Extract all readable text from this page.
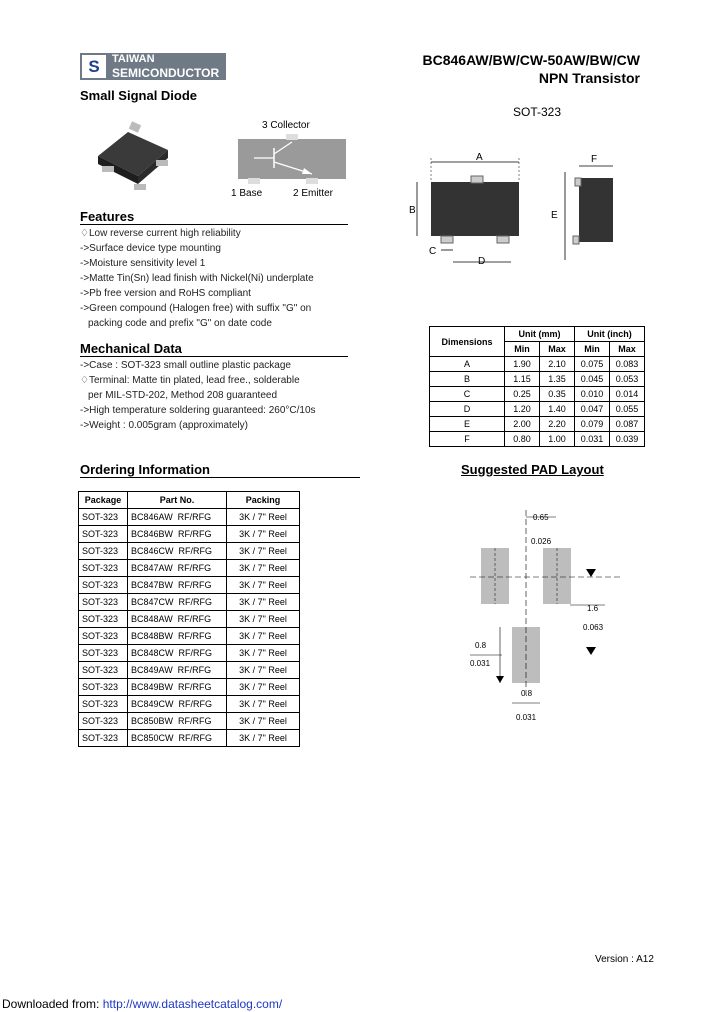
S	TAIWAN
SEMICONDUCTOR
BC846AW/BW/CW-50AW/BW/CW
NPN Transistor
Small Signal Diode
SOT-323
3 Collector
1 Base	2 Emitter
A
B
C
D
E
F
Features
♢Low reverse current high reliability
->Surface device type mounting
->Moisture sensitivity level 1
->Matte Tin(Sn) lead finish with Nickel(Ni) underplate
->Pb free version and RoHS compliant
->Green compound (Halogen free) with suffix "G" on
packing code and prefix "G" on date code
Mechanical Data
->Case : SOT-323 small outline plastic package
♢Terminal: Matte tin plated, lead free., solderable
per MIL-STD-202, Method 208 guaranteed
->High temperature soldering guaranteed: 260°C/10s
->Weight : 0.005gram (approximately)
Dimensions	Unit (mm)		Unit (inch)	
	Min	Max	Min	Max
A	1.90	2.10	0.075	0.083
B	1.15	1.35	0.045	0.053
C	0.25	0.35	0.010	0.014
D	1.20	1.40	0.047	0.055
E	2.00	2.20	0.079	0.087
F	0.80	1.00	0.031	0.039
Ordering Information
Package	Part No.	Packing
SOT-323	BC846AW  RF/RFG	3K / 7" Reel
SOT-323	BC846BW  RF/RFG	3K / 7" Reel
SOT-323	BC846CW  RF/RFG	3K / 7" Reel
SOT-323	BC847AW  RF/RFG	3K / 7" Reel
SOT-323	BC847BW  RF/RFG	3K / 7" Reel
SOT-323	BC847CW  RF/RFG	3K / 7" Reel
SOT-323	BC848AW  RF/RFG	3K / 7" Reel
SOT-323	BC848BW  RF/RFG	3K / 7" Reel
SOT-323	BC848CW  RF/RFG	3K / 7" Reel
SOT-323	BC849AW  RF/RFG	3K / 7" Reel
SOT-323	BC849BW  RF/RFG	3K / 7" Reel
SOT-323	BC849CW  RF/RFG	3K / 7" Reel
SOT-323	BC850BW  RF/RFG	3K / 7" Reel
SOT-323	BC850CW  RF/RFG	3K / 7" Reel
Suggested PAD Layout
0.65
0.026
1.6
0.063
0.8
0.031
0.8
0.031
Version : A12
Downloaded from: http://www.datasheetcatalog.com/
